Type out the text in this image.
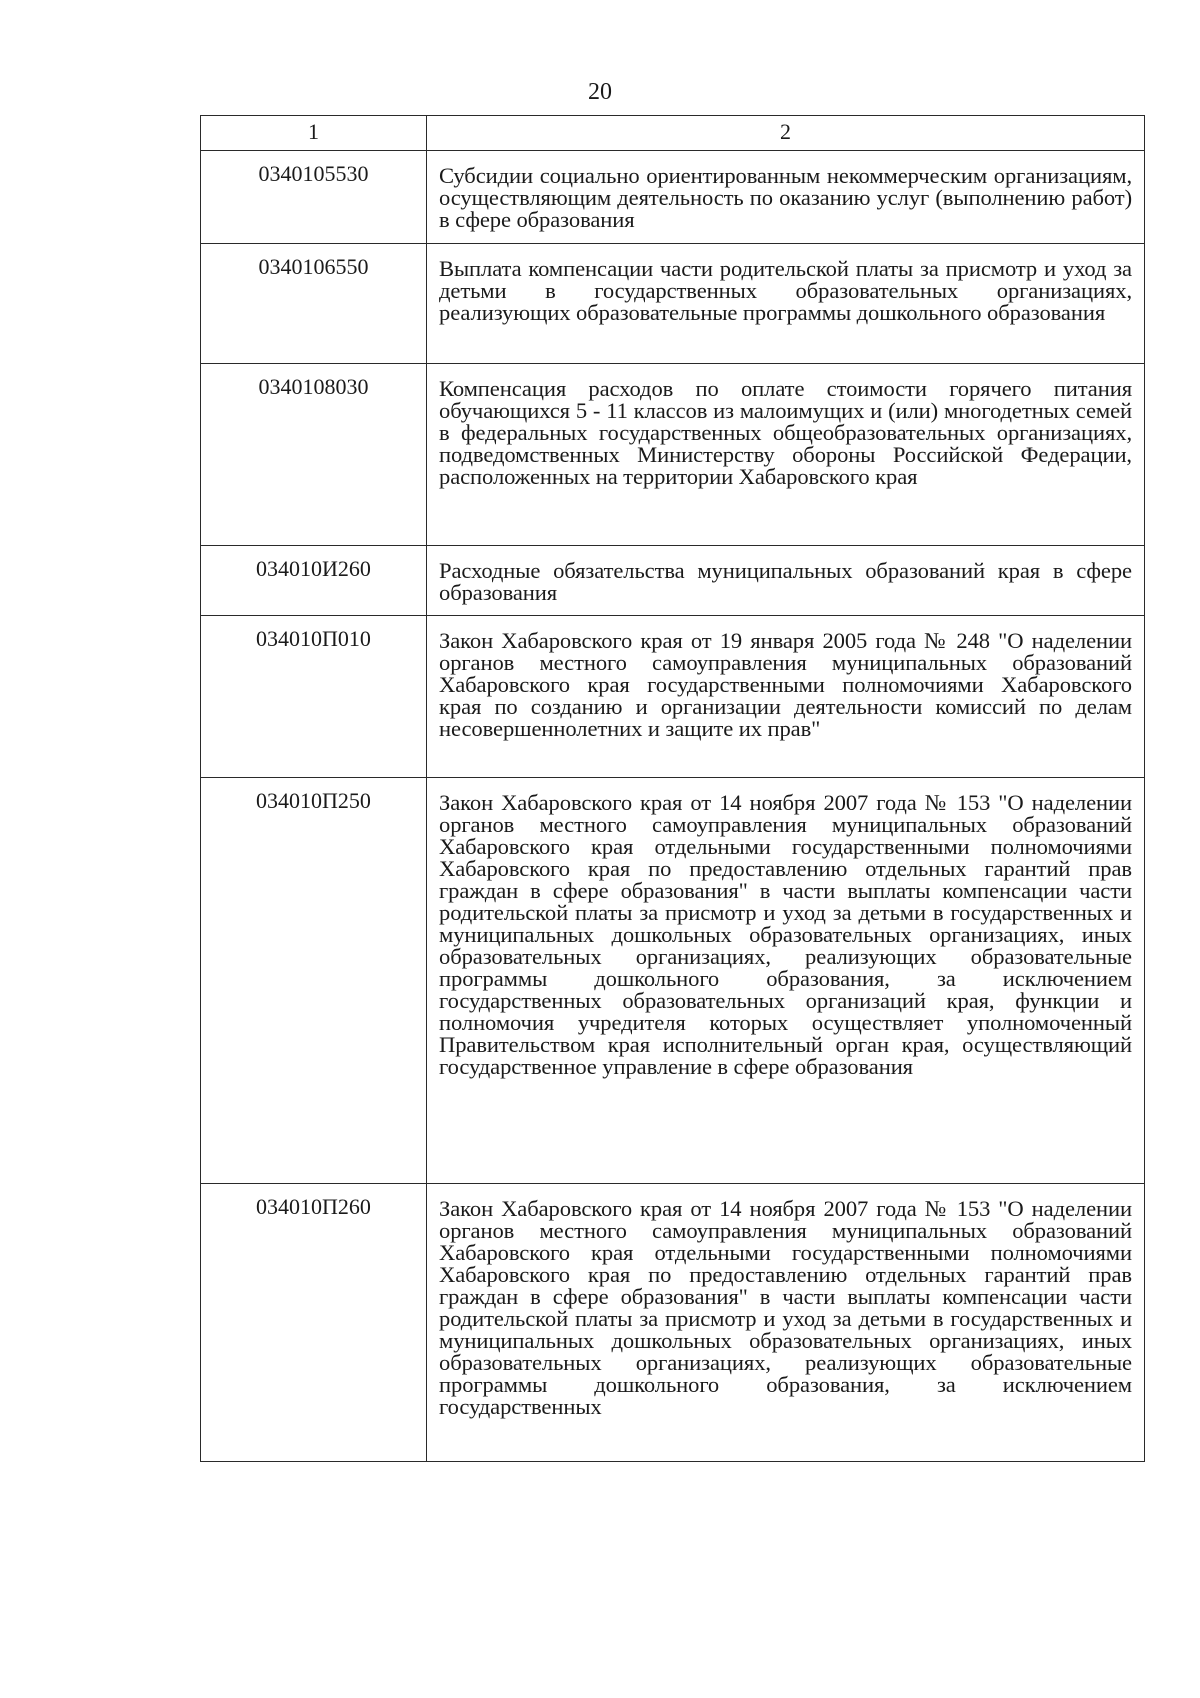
20
1	2
0340105530	Субсидии социально ориентированным некоммерческим организациям, осуществляющим деятельность по оказанию услуг (выполнению работ) в сфере образования
0340106550	Выплата компенсации части родительской платы за присмотр и уход за детьми в государственных образовательных организациях, реализующих образовательные программы дошкольного образования
0340108030	Компенсация расходов по оплате стоимости горячего питания обучающихся 5 - 11 классов из малоимущих и (или) многодетных семей в федеральных государственных общеобразовательных организациях, подведомственных Министерству обороны Российской Федерации, расположенных на территории Хабаровского края
034010И260	Расходные обязательства муниципальных образований края в сфере образования
034010П010	Закон Хабаровского края от 19 января 2005 года № 248 "О наделении органов местного самоуправления муниципальных образований Хабаровского края государственными полномочиями Хабаровского края по созданию и организации деятельности комиссий по делам несовершеннолетних и защите их прав"
034010П250	Закон Хабаровского края от 14 ноября 2007 года № 153 "О наделении органов местного самоуправления муниципальных образований Хабаровского края отдельными государственными полномочиями Хабаровского края по предоставлению отдельных гарантий прав граждан в сфере образования" в части выплаты компенсации части родительской платы за присмотр и уход за детьми в государственных и муниципальных дошкольных образовательных организациях, иных образовательных организациях, реализующих образовательные программы дошкольного образования, за исключением государственных образовательных организаций края, функции и полномочия учредителя которых осуществляет уполномоченный Правительством края исполнительный орган края, осуществляющий государственное управление в сфере образования
034010П260	Закон Хабаровского края от 14 ноября 2007 года № 153 "О наделении органов местного самоуправления муниципальных образований Хабаровского края отдельными государственными полномочиями Хабаровского края по предоставлению отдельных гарантий прав граждан в сфере образования" в части выплаты компенсации части родительской платы за присмотр и уход за детьми в государственных и муниципальных дошкольных образовательных организациях, иных образовательных организациях, реализующих образовательные программы дошкольного образования, за исключением государственных
